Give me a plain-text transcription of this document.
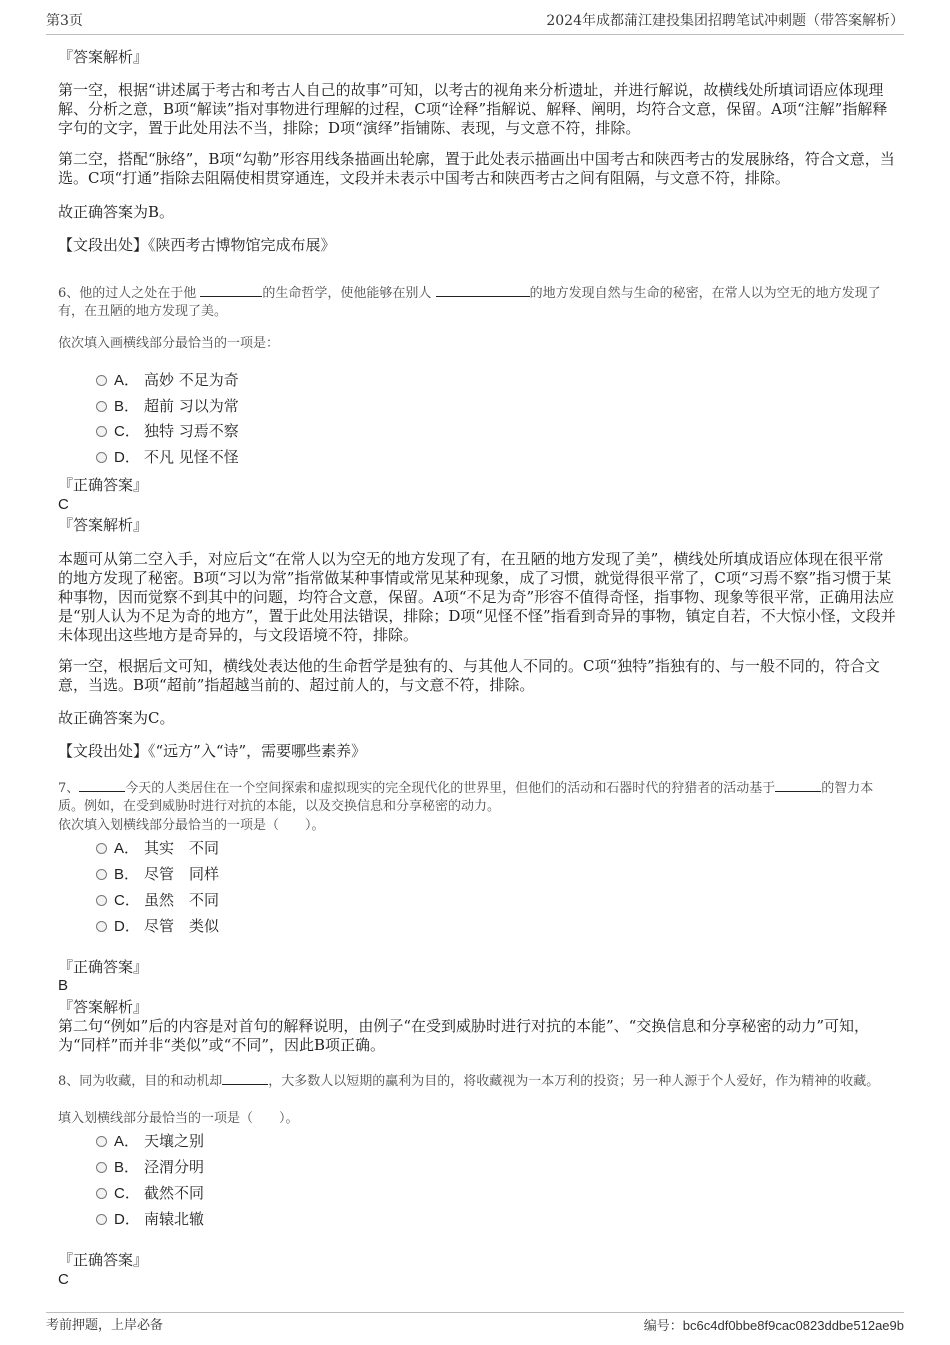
第3页	2024年成都蒲江建投集团招聘笔试冲刺题（带答案解析）
『答案解析』
第一空，根据“讲述属于考古和考古人自己的故事”可知，以考古的视角来分析遗址，并进行解说，故横线处所填词语应体现理解、分析之意，B项“解读”指对事物进行理解的过程，C项“诠释”指解说、解释、阐明，均符合文意，保留。A项“注解”指解释字句的文字，置于此处用法不当，排除；D项“演绎”指铺陈、表现，与文意不符，排除。
第二空，搭配“脉络”，B项“勾勒”形容用线条描画出轮廓，置于此处表示描画出中国考古和陕西考古的发展脉络，符合文意，当选。C项“打通”指除去阻隔使相贯穿通连，文段并未表示中国考古和陕西考古之间有阻隔，与文意不符，排除。
故正确答案为B。
【文段出处】《陕西考古博物馆完成布展》
6、他的过人之处在于他	的生命哲学，使他能够在别人	的地方发现自然与生命的秘密，在常人以为空无的地方发现了有，在丑陋的地方发现了美。
依次填入画横线部分最恰当的一项是：
A． 高妙 不足为奇
B． 超前 习以为常
C． 独特 习焉不察
D． 不凡 见怪不怪
『正确答案』
C
『答案解析』
本题可从第二空入手，对应后文“在常人以为空无的地方发现了有，在丑陋的地方发现了美”，横线处所填成语应体现在很平常的地方发现了秘密。B项“习以为常”指常做某种事情或常见某种现象，成了习惯，就觉得很平常了，C项“习焉不察”指习惯于某种事物，因而觉察不到其中的问题，均符合文意，保留。A项“不足为奇”形容不值得奇怪，指事物、现象等很平常，正确用法应是“别人认为不足为奇的地方”，置于此处用法错误，排除；D项“见怪不怪”指看到奇异的事物，镇定自若，不大惊小怪，文段并未体现出这些地方是奇异的，与文段语境不符，排除。
第一空，根据后文可知，横线处表达他的生命哲学是独有的、与其他人不同的。C项“独特”指独有的、与一般不同的，符合文意，当选。B项“超前”指超越当前的、超过前人的，与文意不符，排除。
故正确答案为C。
【文段出处】《“远方”入“诗”，需要哪些素养》
7、	今天的人类居住在一个空间探索和虚拟现实的完全现代化的世界里，但他们的活动和石器时代的狩猎者的活动基于	的智力本质。例如，在受到威胁时进行对抗的本能，以及交换信息和分享秘密的动力。
依次填入划横线部分最恰当的一项是（　　）。
A． 其实　不同
B． 尽管　同样
C． 虽然　不同
D． 尽管　类似
『正确答案』
B
『答案解析』
第二句“例如”后的内容是对首句的解释说明，由例子“在受到威胁时进行对抗的本能”、“交换信息和分享秘密的动力”可知，为“同样”而并非“类似”或“不同”，因此B项正确。
8、同为收藏，目的和动机却	，大多数人以短期的赢利为目的，将收藏视为一本万利的投资；另一种人源于个人爱好，作为精神的收藏。
填入划横线部分最恰当的一项是（　　）。
A． 天壤之别
B． 泾渭分明
C． 截然不同
D． 南辕北辙
『正确答案』
C
考前押题，上岸必备	编号：bc6c4df0bbe8f9cac0823ddbe512ae9b
